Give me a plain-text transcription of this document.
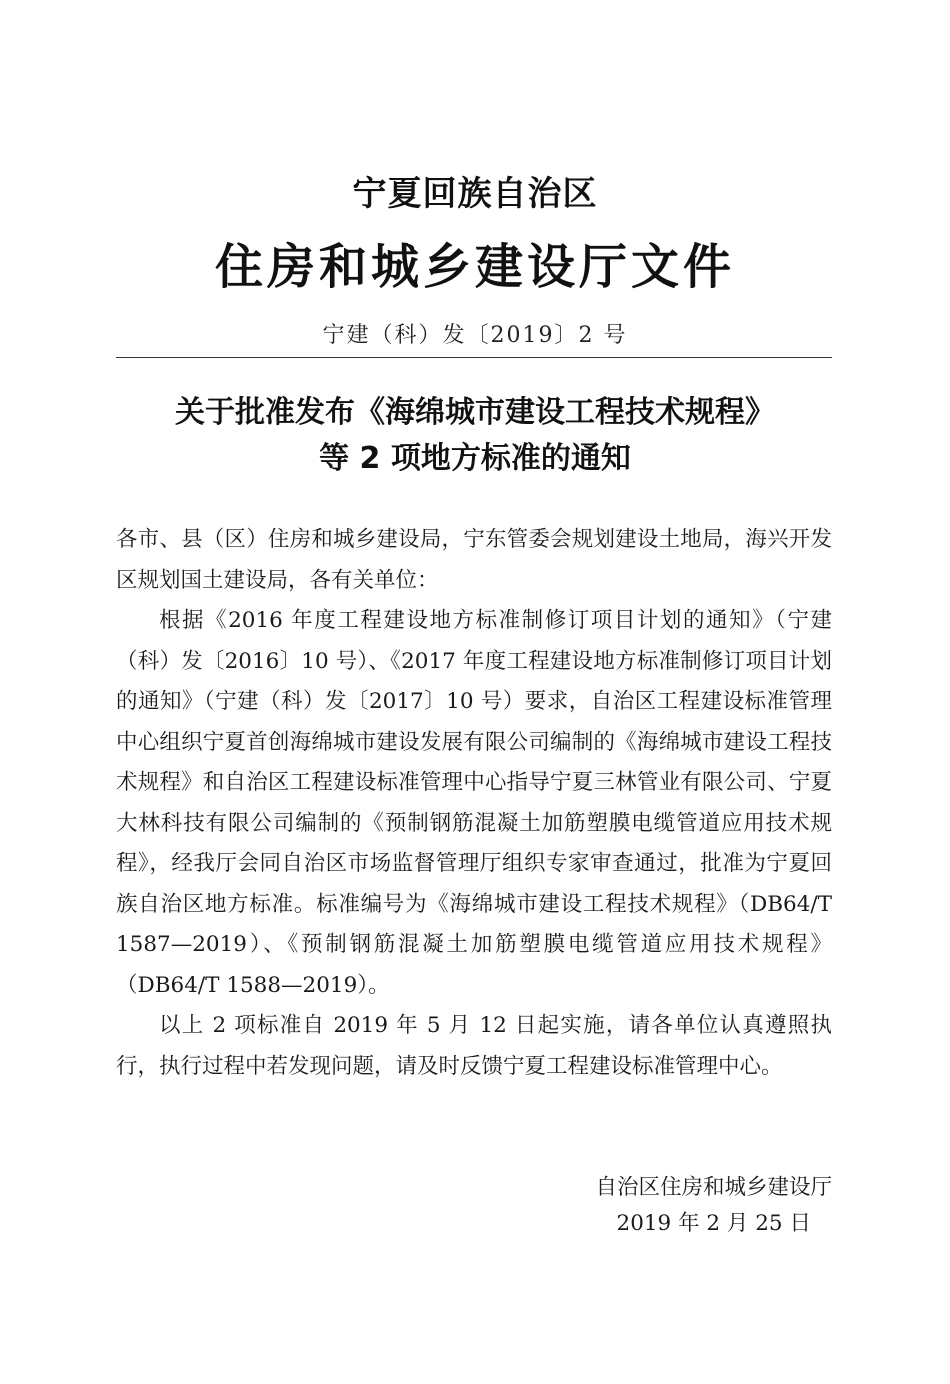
宁夏回族自治区
住房和城乡建设厅文件
宁建（科）发〔2019〕2 号
关于批准发布《海绵城市建设工程技术规程》
等 2 项地方标准的通知

各市、县（区）住房和城乡建设局，宁东管委会规划建设土地局，海兴开发区规划国土建设局，各有关单位：

根据《2016 年度工程建设地方标准制修订项目计划的通知》（宁建（科）发〔2016〕10 号）、《2017 年度工程建设地方标准制修订项目计划的通知》（宁建（科）发〔2017〕10 号）要求，自治区工程建设标准管理中心组织宁夏首创海绵城市建设发展有限公司编制的《海绵城市建设工程技术规程》和自治区工程建设标准管理中心指导宁夏三林管业有限公司、宁夏大林科技有限公司编制的《预制钢筋混凝土加筋塑膜电缆管道应用技术规程》，经我厅会同自治区市场监督管理厅组织专家审查通过，批准为宁夏回族自治区地方标准。标准编号为《海绵城市建设工程技术规程》（DB64/T 1587—2019）、《预制钢筋混凝土加筋塑膜电缆管道应用技术规程》（DB64/T 1588—2019）。

以上 2 项标准自 2019 年 5 月 12 日起实施，请各单位认真遵照执行，执行过程中若发现问题，请及时反馈宁夏工程建设标准管理中心。

自治区住房和城乡建设厅
2019 年 2 月 25 日
